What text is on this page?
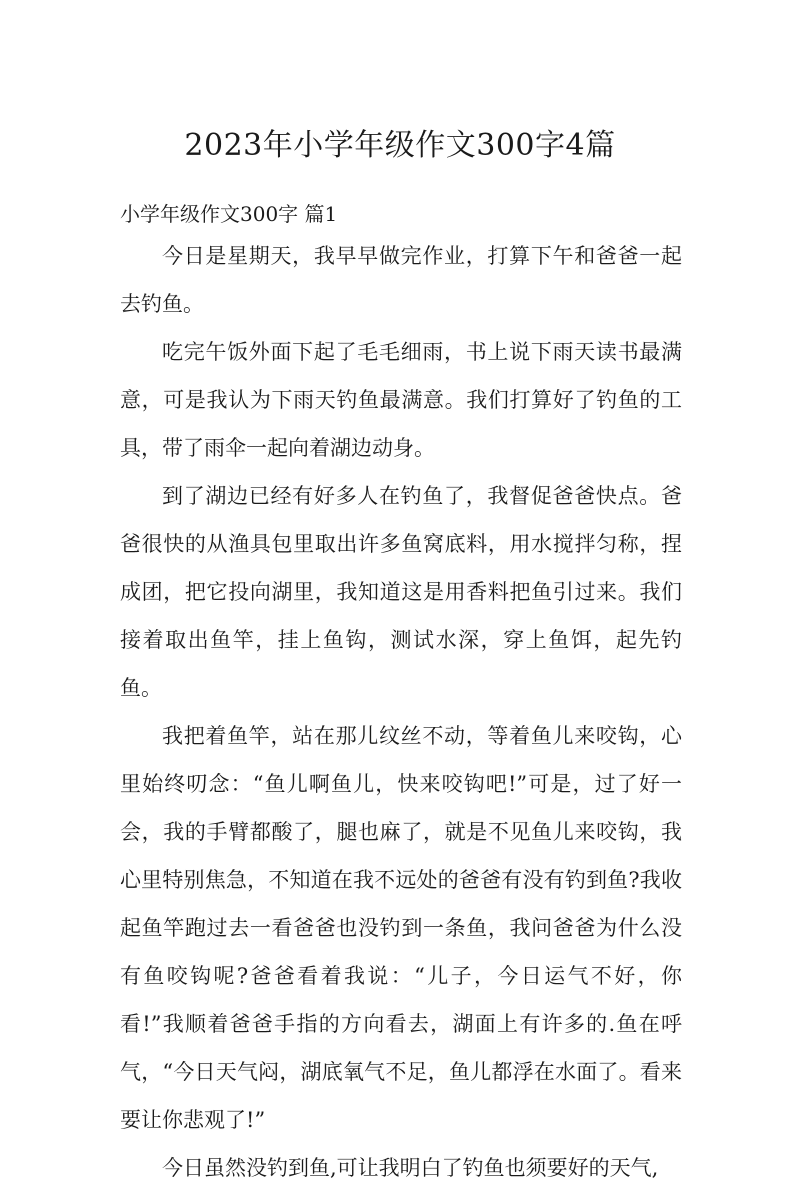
2023年小学年级作文300字4篇

小学年级作文300字 篇1

今日是星期天，我早早做完作业，打算下午和爸爸一起去钓鱼。

吃完午饭外面下起了毛毛细雨，书上说下雨天读书最满意，可是我认为下雨天钓鱼最满意。我们打算好了钓鱼的工具，带了雨伞一起向着湖边动身。

到了湖边已经有好多人在钓鱼了，我督促爸爸快点。爸爸很快的从渔具包里取出许多鱼窝底料，用水搅拌匀称，捏成团，把它投向湖里，我知道这是用香料把鱼引过来。我们接着取出鱼竿，挂上鱼钩，测试水深，穿上鱼饵，起先钓鱼。

我把着鱼竿，站在那儿纹丝不动，等着鱼儿来咬钩，心里始终叨念：“鱼儿啊鱼儿，快来咬钩吧!”可是，过了好一会，我的手臂都酸了，腿也麻了，就是不见鱼儿来咬钩，我心里特别焦急，不知道在我不远处的爸爸有没有钓到鱼?我收起鱼竿跑过去一看爸爸也没钓到一条鱼，我问爸爸为什么没有鱼咬钩呢?爸爸看着我说：“儿子，今日运气不好，你看!”我顺着爸爸手指的方向看去，湖面上有许多的.鱼在呼气，“今日天气闷，湖底氧气不足，鱼儿都浮在水面了。看来要让你悲观了!”

今日虽然没钓到鱼,可让我明白了钓鱼也须要好的天气,
